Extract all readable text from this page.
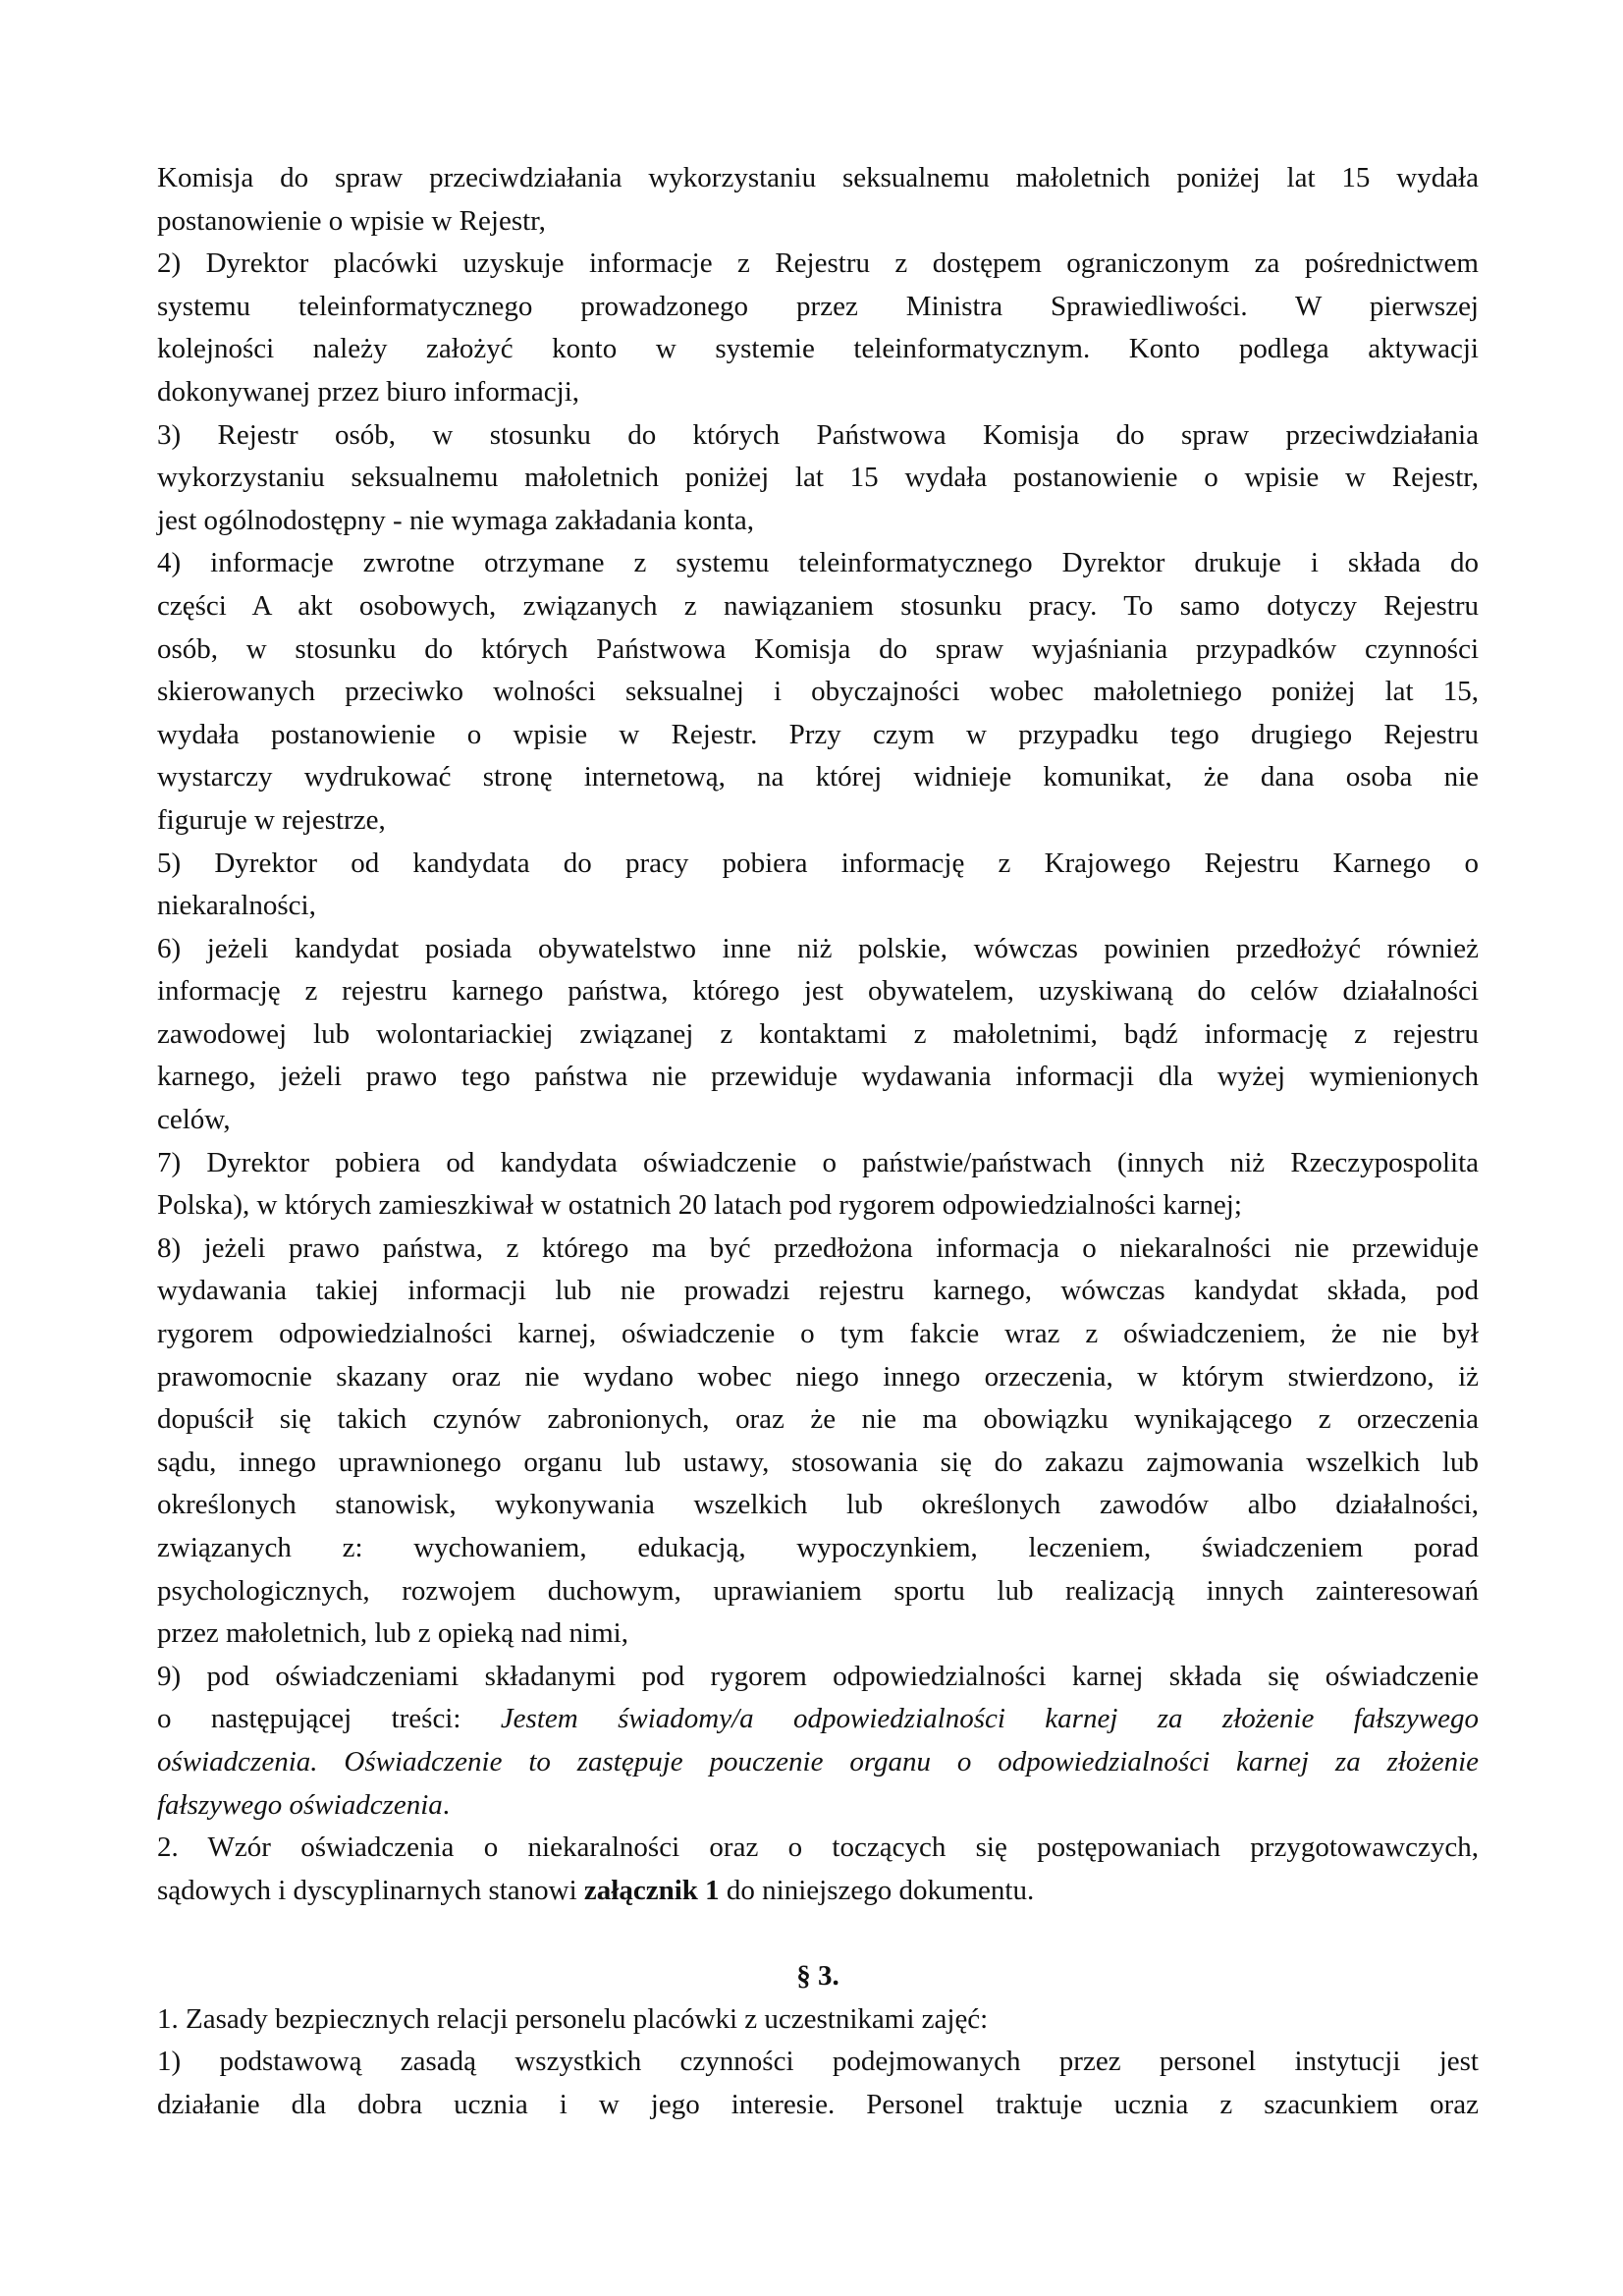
Komisja do spraw przeciwdziałania wykorzystaniu seksualnemu małoletnich poniżej lat 15 wydała
postanowienie o wpisie w Rejestr,
2) Dyrektor placówki uzyskuje informacje z Rejestru z dostępem ograniczonym za pośrednictwem
systemu teleinformatycznego prowadzonego przez Ministra Sprawiedliwości. W pierwszej
kolejności należy założyć konto w systemie teleinformatycznym. Konto podlega aktywacji
dokonywanej przez biuro informacji,
3) Rejestr osób, w stosunku do których Państwowa Komisja do spraw przeciwdziałania
wykorzystaniu seksualnemu małoletnich poniżej lat 15 wydała postanowienie o wpisie w Rejestr,
jest ogólnodostępny - nie wymaga zakładania konta,
4) informacje zwrotne otrzymane z systemu teleinformatycznego Dyrektor drukuje i składa do
części A akt osobowych, związanych z nawiązaniem stosunku pracy. To samo dotyczy Rejestru
osób, w stosunku do których Państwowa Komisja do spraw wyjaśniania przypadków czynności
skierowanych przeciwko wolności seksualnej i obyczajności wobec małoletniego poniżej lat 15,
wydała postanowienie o wpisie w Rejestr. Przy czym w przypadku tego drugiego Rejestru
wystarczy wydrukować stronę internetową, na której widnieje komunikat, że dana osoba nie
figuruje w rejestrze,
5) Dyrektor od kandydata do pracy pobiera informację z Krajowego Rejestru Karnego o
niekaralności,
6) jeżeli kandydat posiada obywatelstwo inne niż polskie, wówczas powinien przedłożyć również
informację z rejestru karnego państwa, którego jest obywatelem, uzyskiwaną do celów działalności
zawodowej lub wolontariackiej związanej z kontaktami z małoletnimi, bądź informację z rejestru
karnego, jeżeli prawo tego państwa nie przewiduje wydawania informacji dla wyżej wymienionych
celów,
7) Dyrektor pobiera od kandydata oświadczenie o państwie/państwach (innych niż Rzeczypospolita
Polska), w których zamieszkiwał w ostatnich 20 latach pod rygorem odpowiedzialności karnej;
8) jeżeli prawo państwa, z którego ma być przedłożona informacja o niekaralności nie przewiduje
wydawania takiej informacji lub nie prowadzi rejestru karnego, wówczas kandydat składa, pod
rygorem odpowiedzialności karnej, oświadczenie o tym fakcie wraz z oświadczeniem, że nie był
prawomocnie skazany oraz nie wydano wobec niego innego orzeczenia, w którym stwierdzono, iż
dopuścił się takich czynów zabronionych, oraz że nie ma obowiązku wynikającego z orzeczenia
sądu, innego uprawnionego organu lub ustawy, stosowania się do zakazu zajmowania wszelkich lub
określonych stanowisk, wykonywania wszelkich lub określonych zawodów albo działalności,
związanych z: wychowaniem, edukacją, wypoczynkiem, leczeniem, świadczeniem porad
psychologicznych, rozwojem duchowym, uprawianiem sportu lub realizacją innych zainteresowań
przez małoletnich, lub z opieką nad nimi,
9) pod oświadczeniami składanymi pod rygorem odpowiedzialności karnej składa się oświadczenie
o następującej treści: Jestem świadomy/a odpowiedzialności karnej za złożenie fałszywego
oświadczenia. Oświadczenie to zastępuje pouczenie organu o odpowiedzialności karnej za złożenie
fałszywego oświadczenia.
2. Wzór oświadczenia o niekaralności oraz o toczących się postępowaniach przygotowawczych,
sądowych i dyscyplinarnych stanowi załącznik 1 do niniejszego dokumentu.
§ 3.
1. Zasady bezpiecznych relacji personelu placówki z uczestnikami zajęć:
1) podstawową zasadą wszystkich czynności podejmowanych przez personel instytucji jest
działanie dla dobra ucznia i w jego interesie. Personel traktuje ucznia z szacunkiem oraz
